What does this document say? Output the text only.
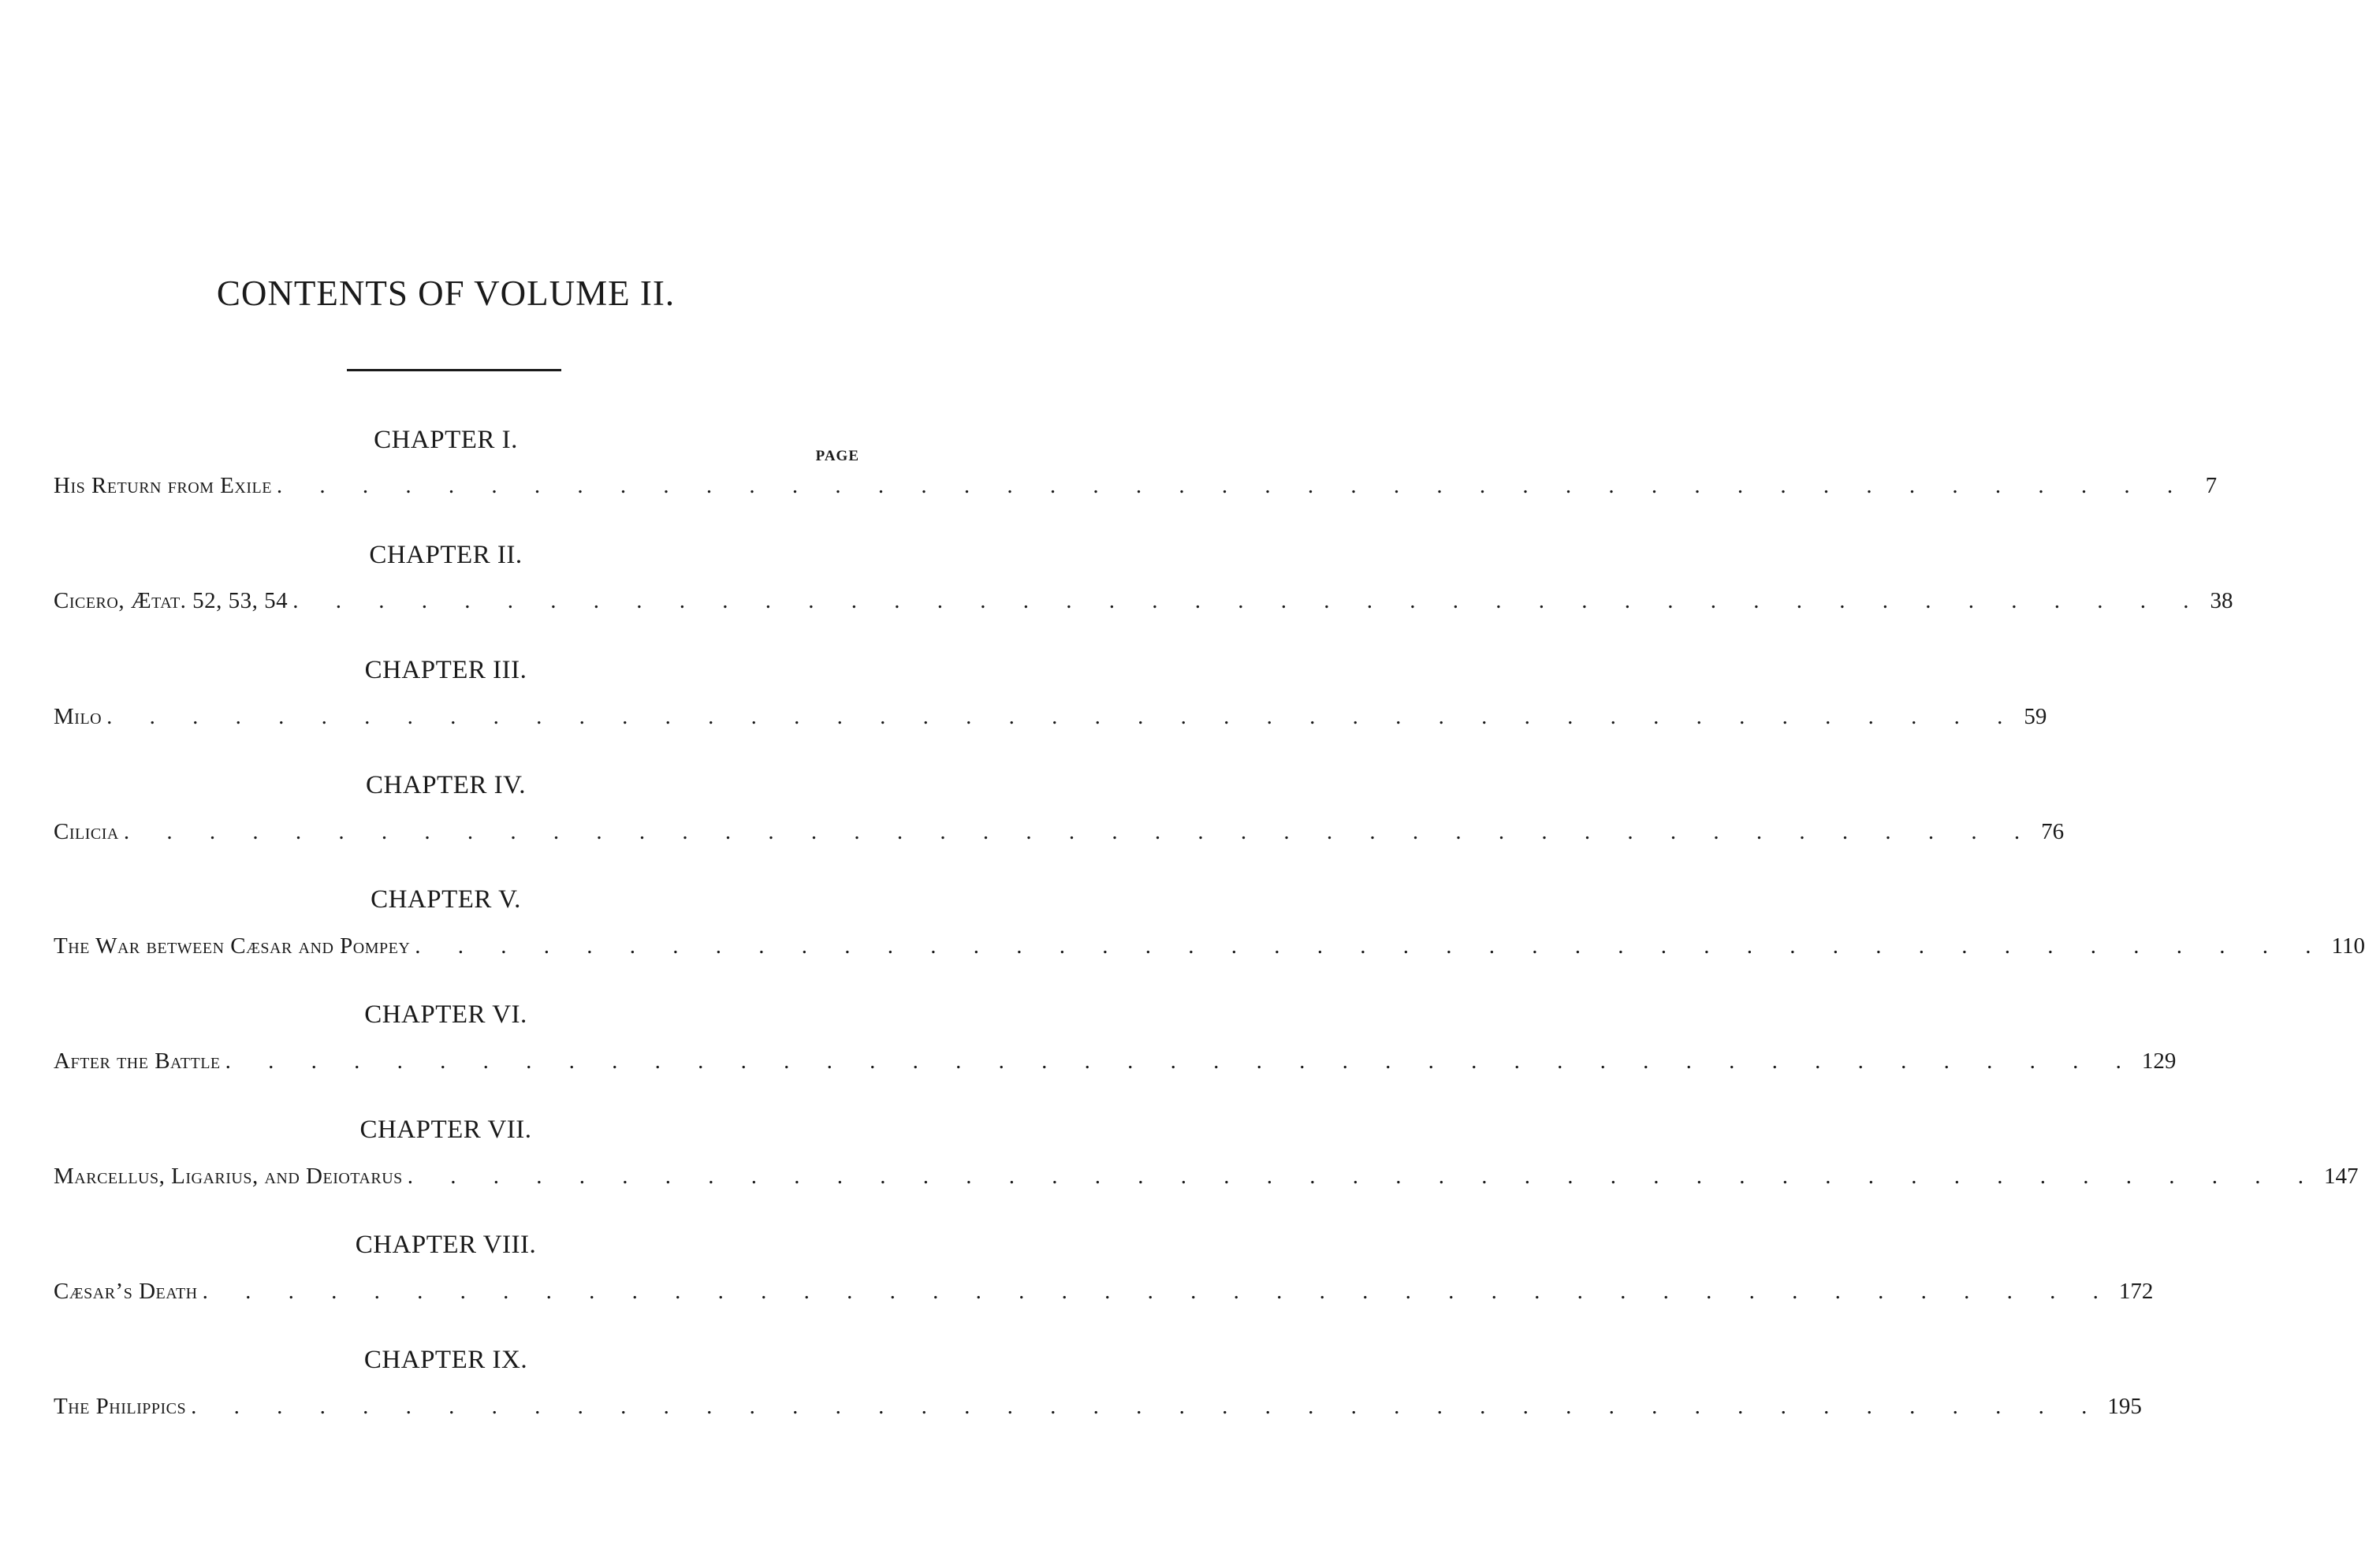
CONTENTS OF VOLUME II.
PAGE
CHAPTER I.
His Return from Exile . . . . . . . . . . . . . . . . . . . . . . . . . . . . . . . . . . . . . . . . . . . . . 7
CHAPTER II.
Cicero, Ætat. 52, 53, 54 . . . . . . . . . . . . . . . . . . . . . . . . . . . . . . . . . . . . . . . . . . . . . 38
CHAPTER III.
Milo . . . . . . . . . . . . . . . . . . . . . . . . . . . . . . . . . . . . . . . . . . . . . 59
CHAPTER IV.
Cilicia . . . . . . . . . . . . . . . . . . . . . . . . . . . . . . . . . . . . . . . . . . . . . 76
CHAPTER V.
The War between Cæsar and Pompey . . . . . . . . . . . . . . . . . . . . . . . . . . . . . . . . . . . . . . . . . . . . . 110
CHAPTER VI.
After the Battle . . . . . . . . . . . . . . . . . . . . . . . . . . . . . . . . . . . . . . . . . . . . . 129
CHAPTER VII.
Marcellus, Ligarius, and Deiotarus . . . . . . . . . . . . . . . . . . . . . . . . . . . . . . . . . . . . . . . . . . . . . 147
CHAPTER VIII.
Cæsar’s Death . . . . . . . . . . . . . . . . . . . . . . . . . . . . . . . . . . . . . . . . . . . . . 172
CHAPTER IX.
The Philippics . . . . . . . . . . . . . . . . . . . . . . . . . . . . . . . . . . . . . . . . . . . . . 195
